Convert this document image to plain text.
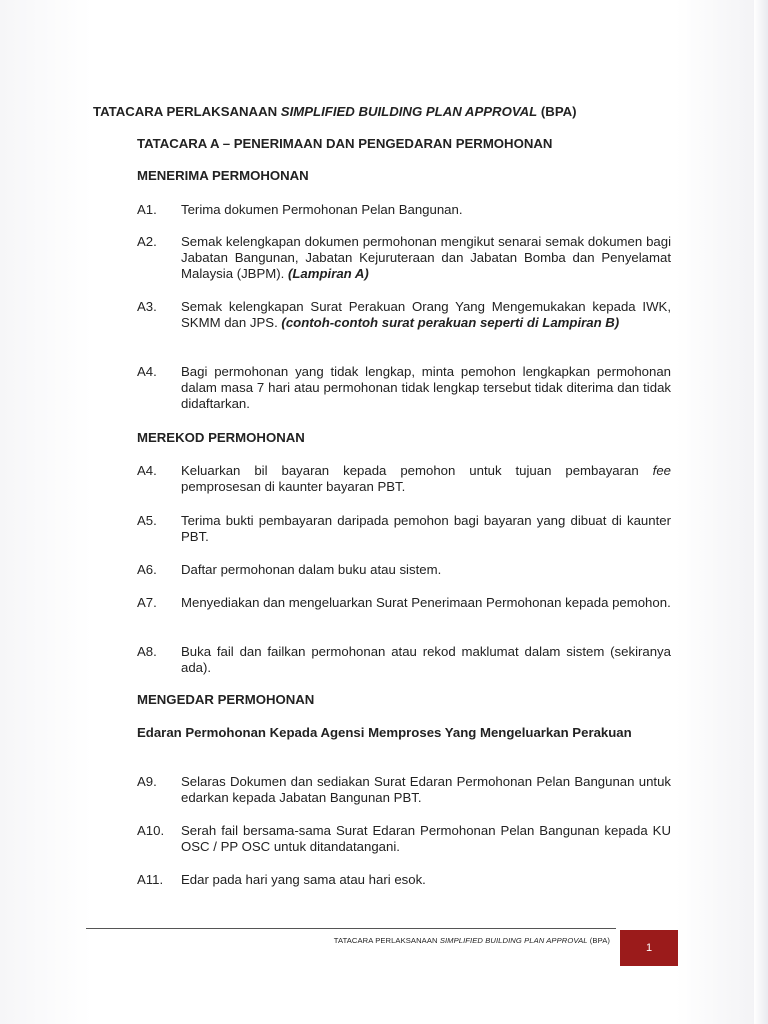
TATACARA PERLAKSANAAN SIMPLIFIED BUILDING PLAN APPROVAL (BPA)
TATACARA A – PENERIMAAN DAN PENGEDARAN PERMOHONAN
MENERIMA PERMOHONAN
A1. Terima dokumen Permohonan Pelan Bangunan.
A2. Semak kelengkapan dokumen permohonan mengikut senarai semak dokumen bagi Jabatan Bangunan, Jabatan Kejuruteraan dan Jabatan Bomba dan Penyelamat Malaysia (JBPM). (Lampiran A)
A3. Semak kelengkapan Surat Perakuan Orang Yang Mengemukakan kepada IWK, SKMM dan JPS. (contoh-contoh surat perakuan seperti di Lampiran B)
A4. Bagi permohonan yang tidak lengkap, minta pemohon lengkapkan permohonan dalam masa 7 hari atau permohonan tidak lengkap tersebut tidak diterima dan tidak didaftarkan.
MEREKOD PERMOHONAN
A4. Keluarkan bil bayaran kepada pemohon untuk tujuan pembayaran fee pemprosesan di kaunter bayaran PBT.
A5. Terima bukti pembayaran daripada pemohon bagi bayaran yang dibuat di kaunter PBT.
A6. Daftar permohonan dalam buku atau sistem.
A7. Menyediakan dan mengeluarkan Surat Penerimaan Permohonan kepada pemohon.
A8. Buka fail dan failkan permohonan atau rekod maklumat dalam sistem (sekiranya ada).
MENGEDAR PERMOHONAN
Edaran Permohonan Kepada Agensi Memproses Yang Mengeluarkan Perakuan
A9. Selaras Dokumen dan sediakan Surat Edaran Permohonan Pelan Bangunan untuk edarkan kepada Jabatan Bangunan PBT.
A10. Serah fail bersama-sama Surat Edaran Permohonan Pelan Bangunan kepada KU OSC / PP OSC untuk ditandatangani.
A11. Edar pada hari yang sama atau hari esok.
TATACARA PERLAKSANAAN SIMPLIFIED BUILDING PLAN APPROVAL (BPA)
1
